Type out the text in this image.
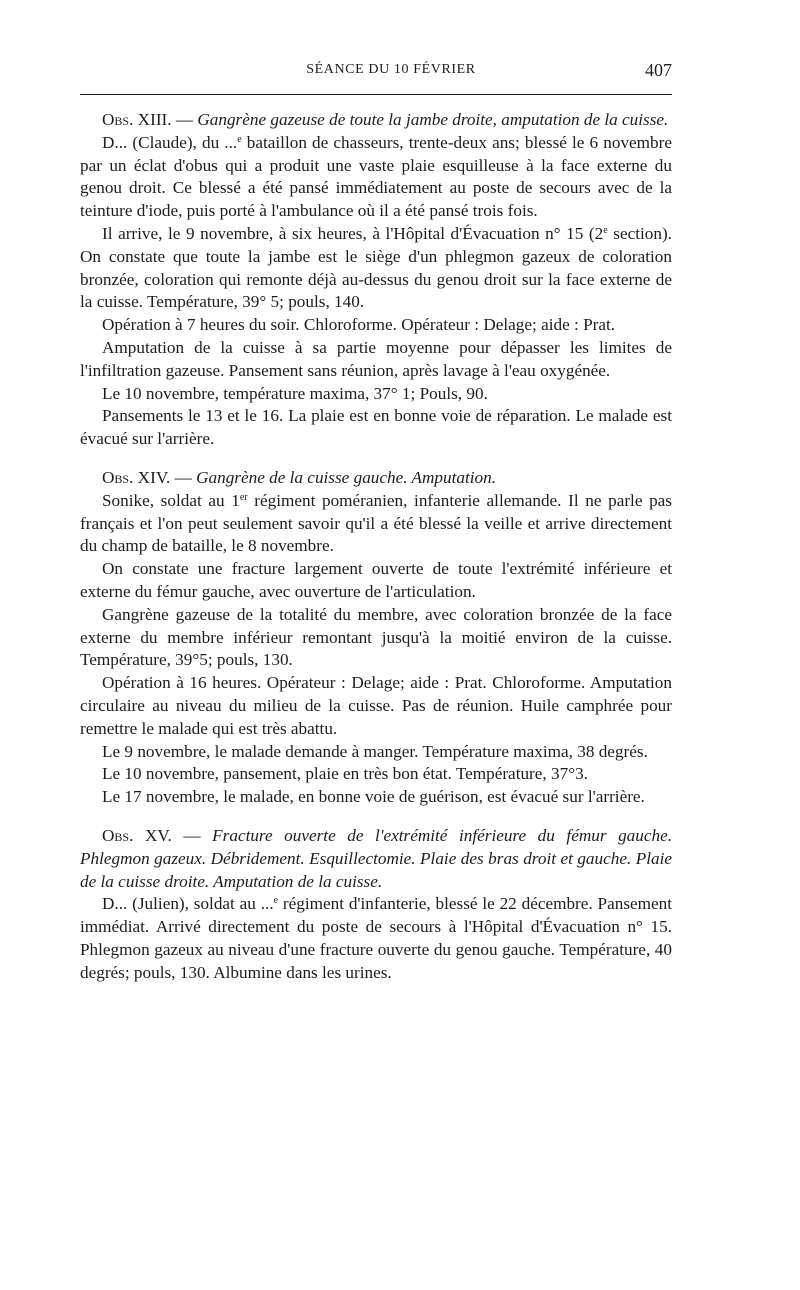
SÉANCE DU 10 FÉVRIER	407

Obs. XIII. — Gangrène gazeuse de toute la jambe droite, amputation de la cuisse.

D... (Claude), du ...$^e$ bataillon de chasseurs, trente-deux ans; blessé le 6 novembre par un éclat d'obus qui a produit une vaste plaie esquilleuse à la face externe du genou droit. Ce blessé a été pansé immédiatement au poste de secours avec de la teinture d'iode, puis porté à l'ambulance où il a été pansé trois fois.

Il arrive, le 9 novembre, à six heures, à l'Hôpital d'Évacuation n° 15 (2e section). On constate que toute la jambe est le siège d'un phlegmon gazeux de coloration bronzée, coloration qui remonte déjà au-dessus du genou droit sur la face externe de la cuisse. Température, 39° 5; pouls, 140.

Opération à 7 heures du soir. Chloroforme. Opérateur : Delage; aide : Prat.

Amputation de la cuisse à sa partie moyenne pour dépasser les limites de l'infiltration gazeuse. Pansement sans réunion, après lavage à l'eau oxygénée.

Le 10 novembre, température maxima, 37° 1; Pouls, 90.

Pansements le 13 et le 16. La plaie est en bonne voie de réparation. Le malade est évacué sur l'arrière.

Obs. XIV. — Gangrène de la cuisse gauche. Amputation.

Sonike, soldat au 1er régiment poméranien, infanterie allemande. Il ne parle pas français et l'on peut seulement savoir qu'il a été blessé la veille et arrive directement du champ de bataille, le 8 novembre.

On constate une fracture largement ouverte de toute l'extrémité inférieure et externe du fémur gauche, avec ouverture de l'articulation.

Gangrène gazeuse de la totalité du membre, avec coloration bronzée de la face externe du membre inférieur remontant jusqu'à la moitié environ de la cuisse. Température, 39°5; pouls, 130.

Opération à 16 heures. Opérateur : Delage; aide : Prat. Chloroforme. Amputation circulaire au niveau du milieu de la cuisse. Pas de réunion. Huile camphrée pour remettre le malade qui est très abattu.

Le 9 novembre, le malade demande à manger. Température maxima, 38 degrés.

Le 10 novembre, pansement, plaie en très bon état. Température, 37°3.

Le 17 novembre, le malade, en bonne voie de guérison, est évacué sur l'arrière.

Obs. XV. — Fracture ouverte de l'extrémité inférieure du fémur gauche. Phlegmon gazeux. Débridement. Esquillectomie. Plaie des bras droit et gauche. Plaie de la cuisse droite. Amputation de la cuisse.

D... (Julien), soldat au ...$^e$ régiment d'infanterie, blessé le 22 décembre. Pansement immédiat. Arrivé directement du poste de secours à l'Hôpital d'Évacuation n° 15. Phlegmon gazeux au niveau d'une fracture ouverte du genou gauche. Température, 40 degrés; pouls, 130. Albumine dans les urines.
